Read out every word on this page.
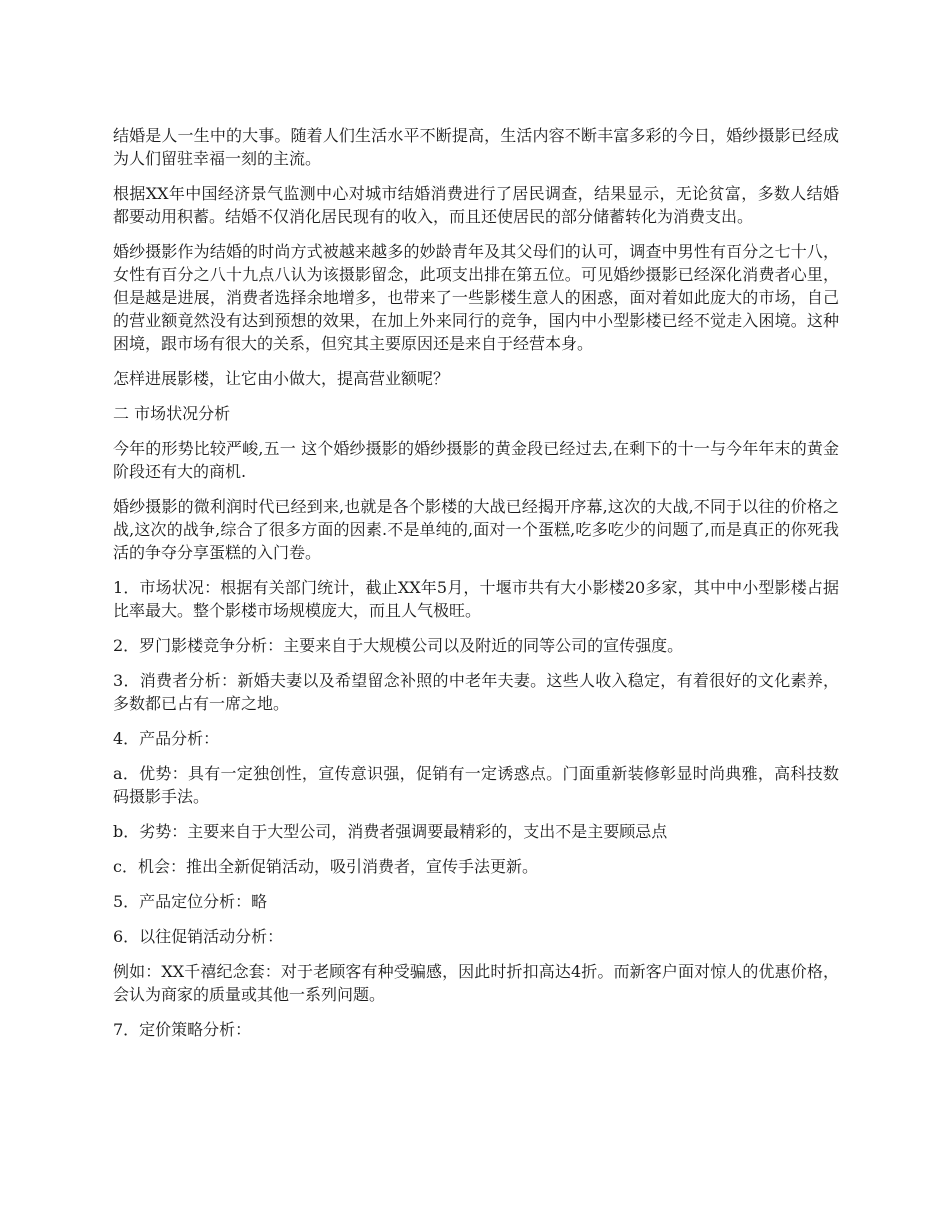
结婚是人一生中的大事。随着人们生活水平不断提高，生活内容不断丰富多彩的今日，婚纱摄影已经成为人们留驻幸福一刻的主流。

根据XX年中国经济景气监测中心对城市结婚消费进行了居民调查，结果显示，无论贫富，多数人结婚都要动用积蓄。结婚不仅消化居民现有的收入，而且还使居民的部分储蓄转化为消费支出。

婚纱摄影作为结婚的时尚方式被越来越多的妙龄青年及其父母们的认可，调查中男性有百分之七十八，女性有百分之八十九点八认为该摄影留念，此项支出排在第五位。可见婚纱摄影已经深化消费者心里，但是越是进展，消费者选择余地增多，也带来了一些影楼生意人的困惑，面对着如此庞大的市场，自己的营业额竟然没有达到预想的效果，在加上外来同行的竞争，国内中小型影楼已经不觉走入困境。这种困境，跟市场有很大的关系，但究其主要原因还是来自于经营本身。

怎样进展影楼，让它由小做大，提高营业额呢？

二 市场状况分析

今年的形势比较严峻,五一 这个婚纱摄影的婚纱摄影的黄金段已经过去,在剩下的十一与今年年末的黄金阶段还有大的商机.

婚纱摄影的微利润时代已经到来,也就是各个影楼的大战已经揭开序幕,这次的大战,不同于以往的价格之战,这次的战争,综合了很多方面的因素.不是单纯的,面对一个蛋糕,吃多吃少的问题了,而是真正的你死我活的争夺分享蛋糕的入门卷。

1．市场状况：根据有关部门统计，截止XX年5月，十堰市共有大小影楼20多家，其中中小型影楼占据比率最大。整个影楼市场规模庞大，而且人气极旺。

2．罗门影楼竞争分析：主要来自于大规模公司以及附近的同等公司的宣传强度。

3．消费者分析：新婚夫妻以及希望留念补照的中老年夫妻。这些人收入稳定，有着很好的文化素养，多数都已占有一席之地。

4．产品分析：

a．优势：具有一定独创性，宣传意识强，促销有一定诱惑点。门面重新装修彰显时尚典雅，高科技数码摄影手法。

b．劣势：主要来自于大型公司，消费者强调要最精彩的，支出不是主要顾忌点

c．机会：推出全新促销活动，吸引消费者，宣传手法更新。

5．产品定位分析：略

6．以往促销活动分析：

例如：XX千禧纪念套：对于老顾客有种受骗感，因此时折扣高达4折。而新客户面对惊人的优惠价格，会认为商家的质量或其他一系列问题。

7．定价策略分析：
